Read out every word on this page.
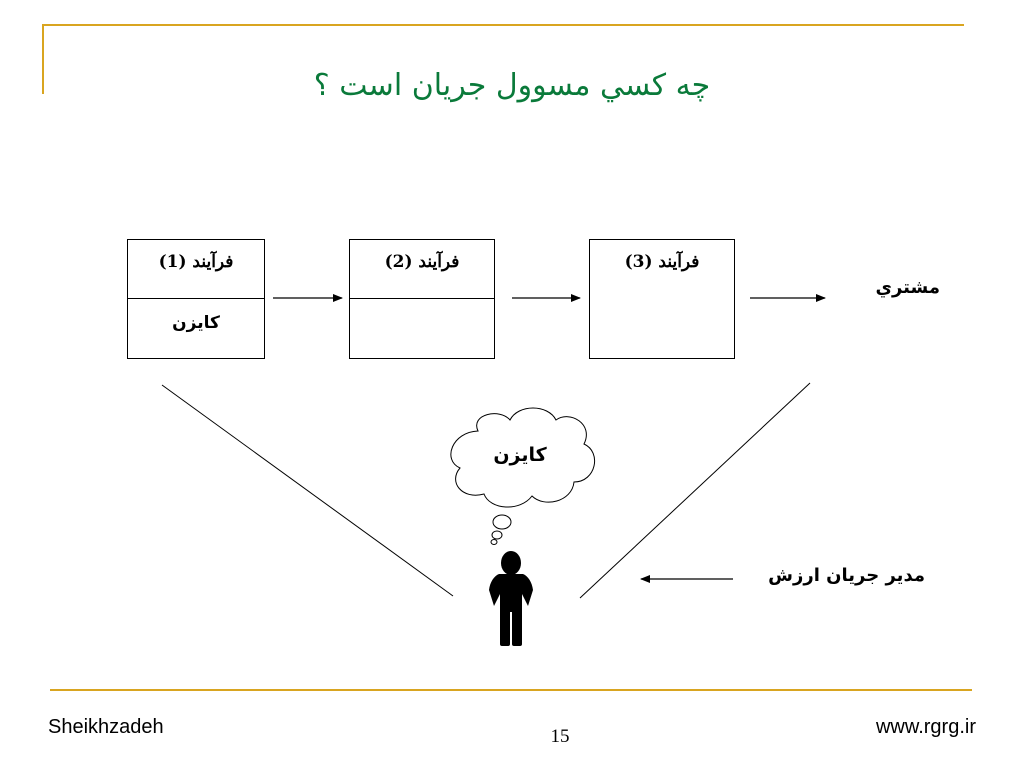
چه كسي مسوول جريان است ؟
فرآيند (1)
كايزن
فرآيند (2)	فرآيند (3)
مشتري
مدير جريان ارزش
كايزن
Sheikhzadeh	15	www.rgrg.ir
